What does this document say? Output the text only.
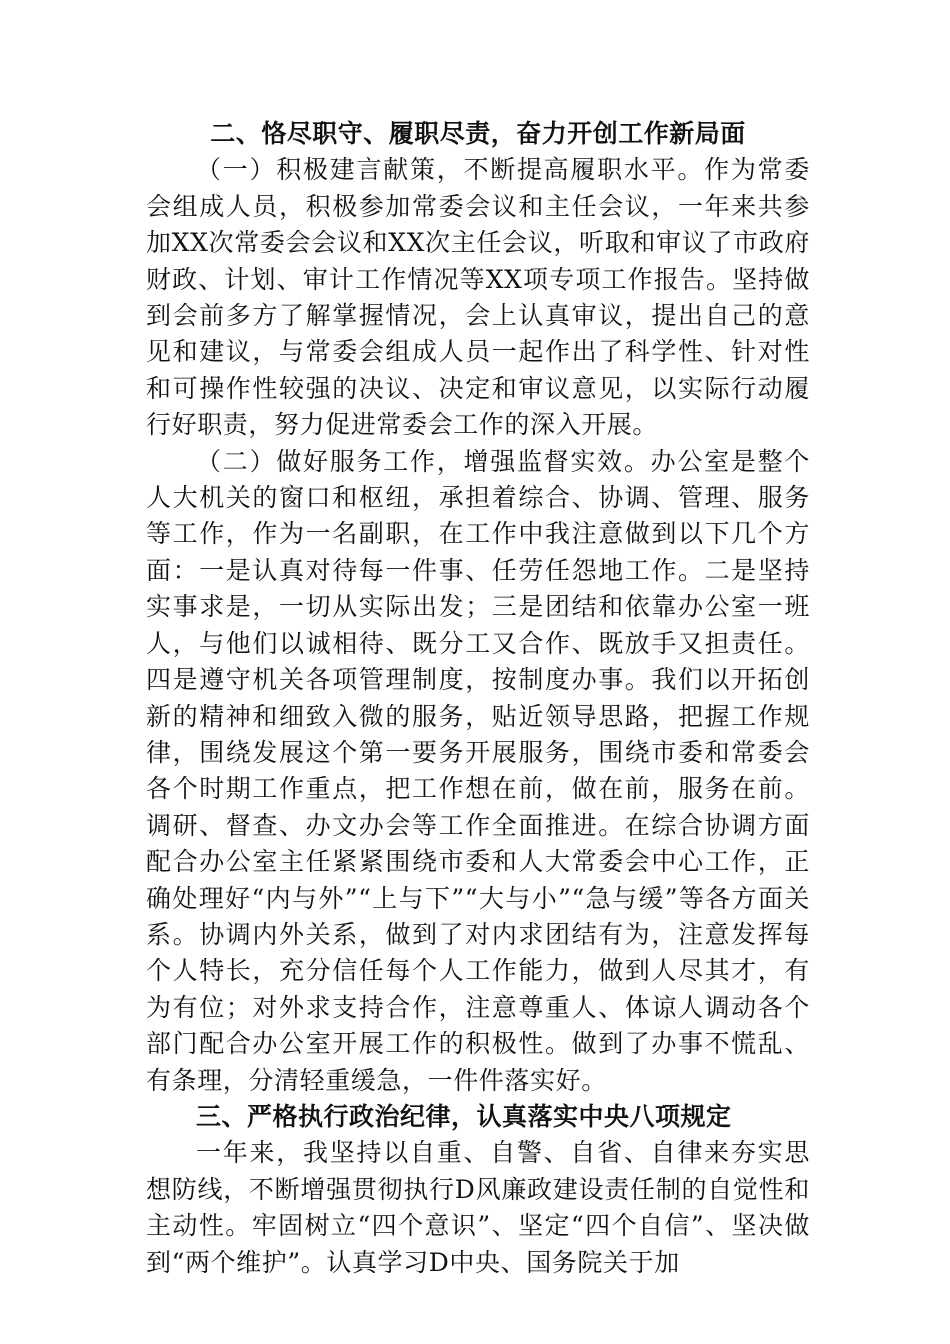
二、恪尽职守、履职尽责，奋力开创工作新局面

（一）积极建言献策，不断提高履职水平。作为常委会组成人员，积极参加常委会议和主任会议，一年来共参加XX次常委会会议和XX次主任会议，听取和审议了市政府财政、计划、审计工作情况等XX项专项工作报告。坚持做到会前多方了解掌握情况，会上认真审议，提出自己的意见和建议，与常委会组成人员一起作出了科学性、针对性和可操作性较强的决议、决定和审议意见，以实际行动履行好职责，努力促进常委会工作的深入开展。

（二）做好服务工作，增强监督实效。办公室是整个人大机关的窗口和枢纽，承担着综合、协调、管理、服务等工作，作为一名副职，在工作中我注意做到以下几个方面：一是认真对待每一件事、任劳任怨地工作。二是坚持实事求是，一切从实际出发；三是团结和依靠办公室一班人，与他们以诚相待、既分工又合作、既放手又担责任。四是遵守机关各项管理制度，按制度办事。我们以开拓创新的精神和细致入微的服务，贴近领导思路，把握工作规律，围绕发展这个第一要务开展服务，围绕市委和常委会各个时期工作重点，把工作想在前，做在前，服务在前。调研、督查、办文办会等工作全面推进。在综合协调方面配合办公室主任紧紧围绕市委和人大常委会中心工作，正确处理好“内与外”“上与下”“大与小”“急与缓”等各方面关系。协调内外关系，做到了对内求团结有为，注意发挥每个人特长，充分信任每个人工作能力，做到人尽其才，有为有位；对外求支持合作，注意尊重人、体谅人调动各个部门配合办公室开展工作的积极性。做到了办事不慌乱、有条理，分清轻重缓急，一件件落实好。

三、严格执行政治纪律，认真落实中央八项规定

一年来，我坚持以自重、自警、自省、自律来夯实思想防线，不断增强贯彻执行D风廉政建设责任制的自觉性和主动性。牢固树立“四个意识”、坚定“四个自信”、坚决做到“两个维护”。认真学习D中央、国务院关于加
